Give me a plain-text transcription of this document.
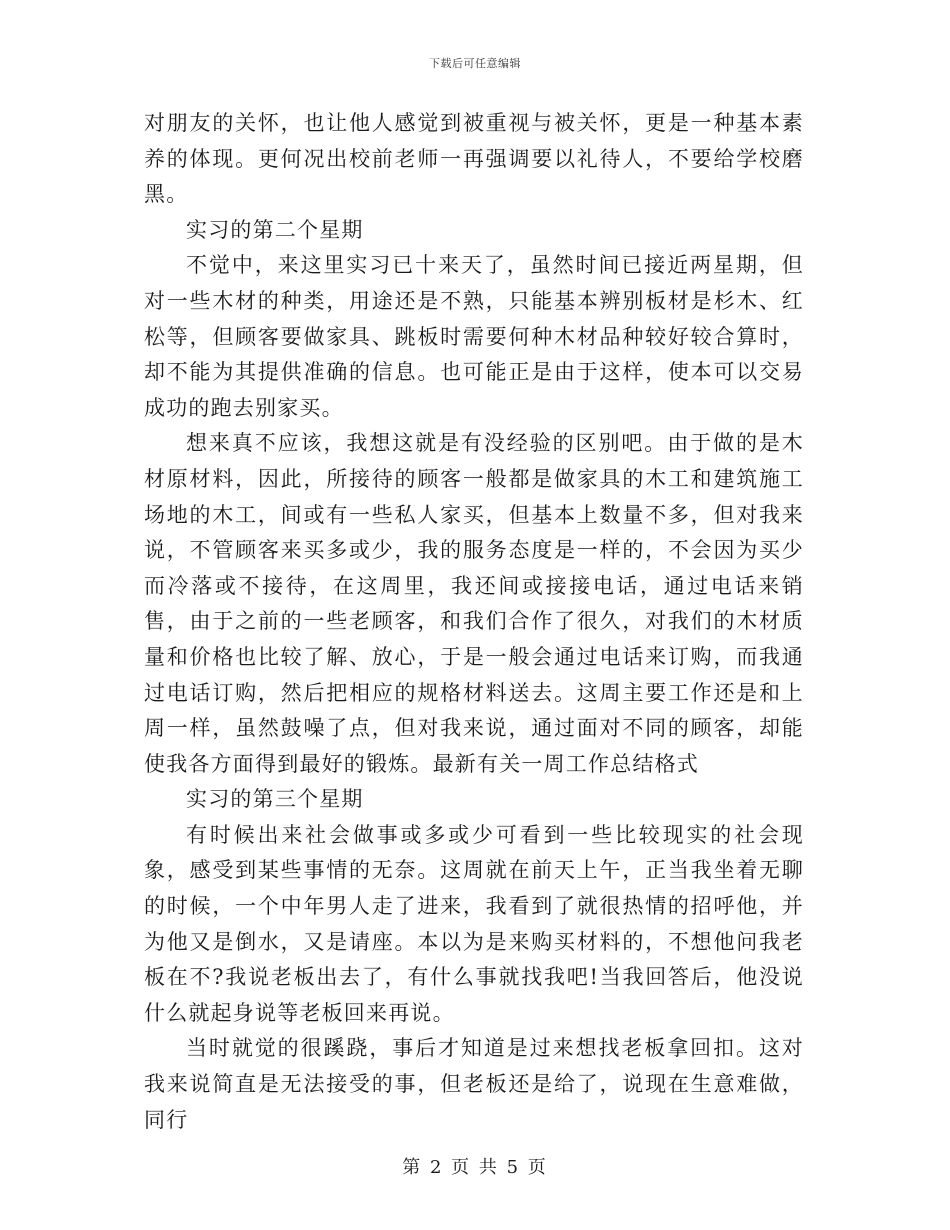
下载后可任意编辑

对朋友的关怀，也让他人感觉到被重视与被关怀，更是一种基本素养的体现。更何况出校前老师一再强调要以礼待人，不要给学校磨黑。

实习的第二个星期

不觉中，来这里实习已十来天了，虽然时间已接近两星期，但对一些木材的种类，用途还是不熟，只能基本辨别板材是杉木、红松等，但顾客要做家具、跳板时需要何种木材品种较好较合算时，却不能为其提供准确的信息。也可能正是由于这样，使本可以交易成功的跑去别家买。

想来真不应该，我想这就是有没经验的区别吧。由于做的是木材原材料，因此，所接待的顾客一般都是做家具的木工和建筑施工场地的木工，间或有一些私人家买，但基本上数量不多，但对我来说，不管顾客来买多或少，我的服务态度是一样的，不会因为买少而冷落或不接待，在这周里，我还间或接接电话，通过电话来销售，由于之前的一些老顾客，和我们合作了很久，对我们的木材质量和价格也比较了解、放心，于是一般会通过电话来订购，而我通过电话订购，然后把相应的规格材料送去。这周主要工作还是和上周一样，虽然鼓噪了点，但对我来说，通过面对不同的顾客，却能使我各方面得到最好的锻炼。最新有关一周工作总结格式

实习的第三个星期

有时候出来社会做事或多或少可看到一些比较现实的社会现象，感受到某些事情的无奈。这周就在前天上午，正当我坐着无聊的时候，一个中年男人走了进来，我看到了就很热情的招呼他，并为他又是倒水，又是请座。本以为是来购买材料的，不想他问我老板在不?我说老板出去了，有什么事就找我吧!当我回答后，他没说什么就起身说等老板回来再说。

当时就觉的很蹊跷，事后才知道是过来想找老板拿回扣。这对我来说简直是无法接受的事，但老板还是给了，说现在生意难做，同行

第 2 页 共 5 页
